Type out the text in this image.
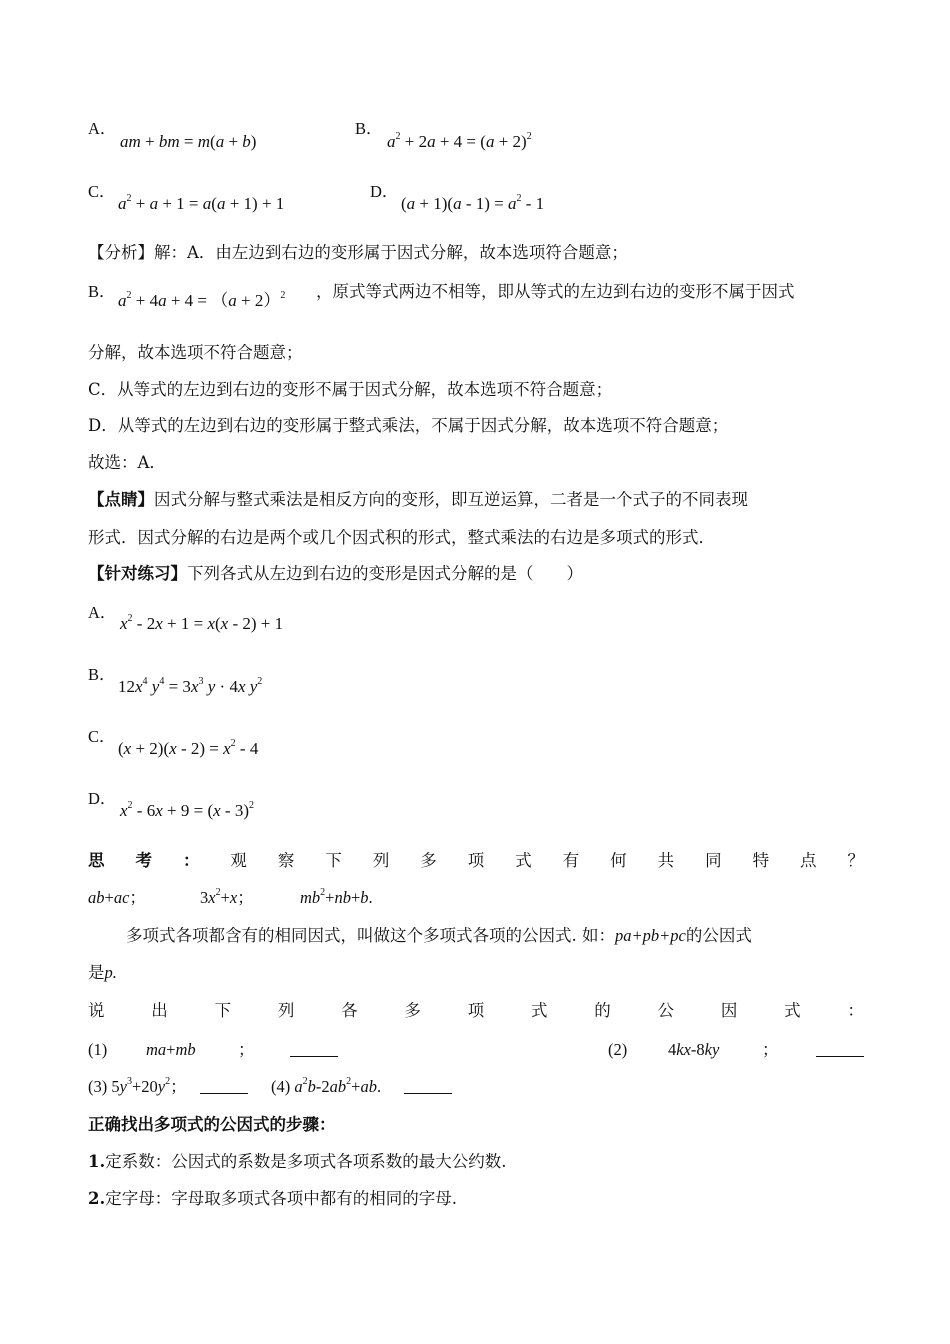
A．
am + bm = m(a + b)
B．
$a^2 + 2a + 4 = (a + 2)^2$
C．
$a^2 + a + 1 = a(a + 1) + 1$
D．
$(a + 1)(a - 1) = a^2 - 1$
【分析】解：A．由左边到右边的变形属于因式分解，故本选项符合题意；
B． $a^2 + 4a + 4 = (a + 2)^2$ ，原式等式两边不相等，即从等式的左边到右边的变形不属于因式
分解，故本选项不符合题意；
C．从等式的左边到右边的变形不属于因式分解，故本选项不符合题意；
D．从等式的左边到右边的变形属于整式乘法，不属于因式分解，故本选项不符合题意；
故选：A．
【点睛】因式分解与整式乘法是相反方向的变形，即互逆运算，二者是一个式子的不同表现
形式．因式分解的右边是两个或几个因式积的形式，整式乘法的右边是多项式的形式．
【针对练习】下列各式从左边到右边的变形是因式分解的是（　　）
A．
$x^2 - 2x + 1 = x(x - 2) + 1$
B．
$12x^4$ $y^4 = 3x^3$ y · 4x $y^2$
C．
$(x + 2)(x - 2) = x^2 - 4$
D．
$x^2 - 6x + 9 = (x - 3)^2$
思 考 ： 观 察 下 列 多 项 式 有 何 共 同 特 点 ？
ab+ac；	$3x^2+x$；	$mb^2+nb+b$.
多项式各项都含有的相同因式，叫做这个多项式各项的公因式. 如：pa+pb+pc的公因式
是p.
说	出	下	列	各	多	项	式	的	公	因	式	：
(1) ma+mb	；	(2) 4kx-8ky	；
(3) $5y^3+20y^2$；	(4) $a^2b-2ab^2+ab$.
正确找出多项式的公因式的步骤：
1.定系数：公因式的系数是多项式各项系数的最大公约数.
2.定字母：字母取多项式各项中都有的相同的字母.
